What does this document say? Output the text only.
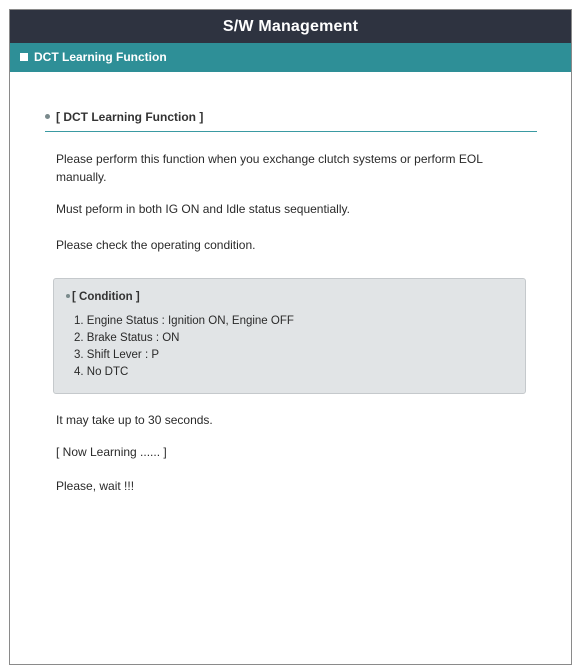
S/W Management
DCT Learning Function
[ DCT Learning Function ]
Please perform this function when you exchange clutch systems or perform EOL manually.
Must peform in both IG ON and Idle status sequentially.
Please check the operating condition.
[ Condition ]
1. Engine Status : Ignition ON, Engine OFF
2. Brake Status : ON
3. Shift Lever : P
4. No DTC
It may take up to 30 seconds.
[ Now Learning ...... ]
Please, wait !!!
